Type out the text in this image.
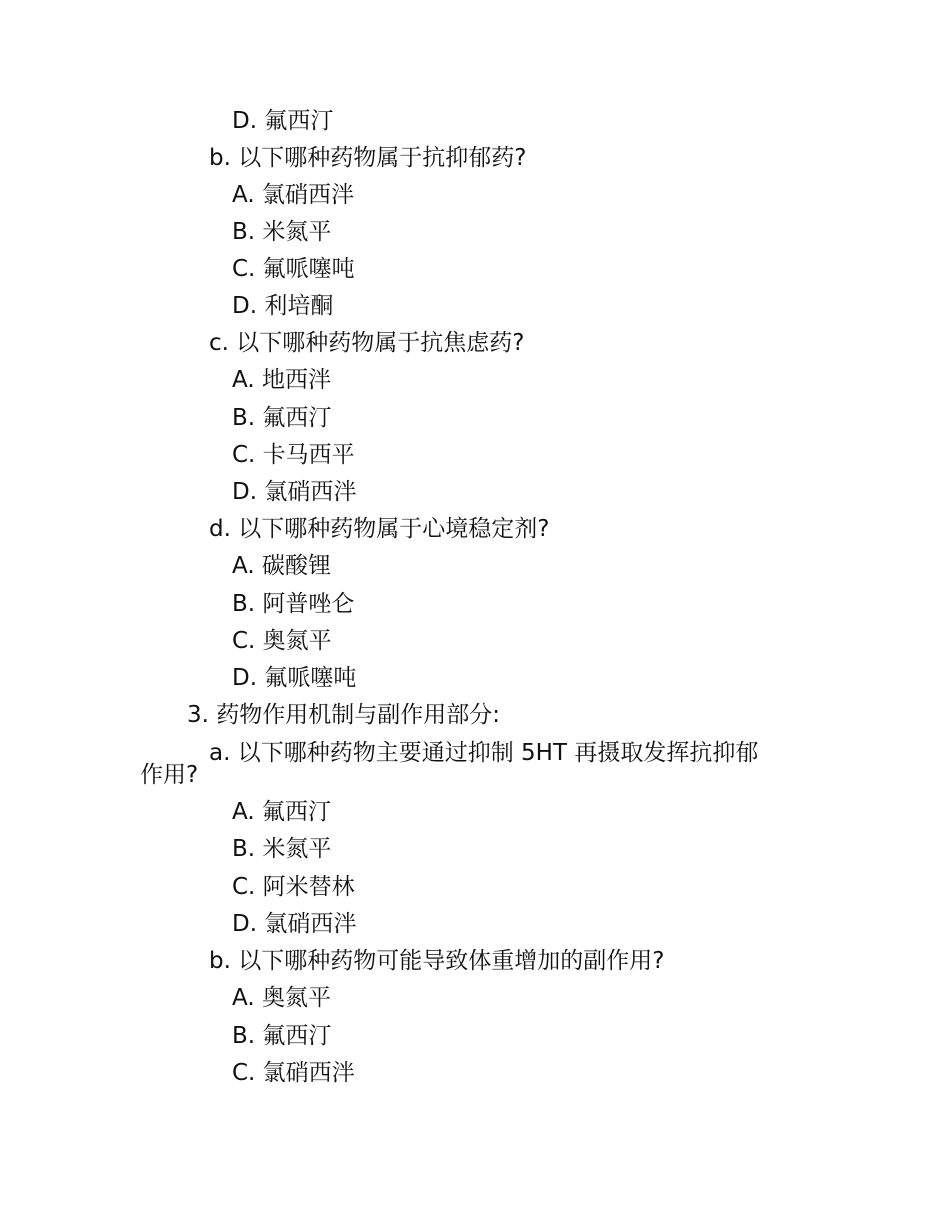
D. 氟西汀
b. 以下哪种药物属于抗抑郁药?
A. 氯硝西泮
B. 米氮平
C. 氟哌噻吨
D. 利培酮
c. 以下哪种药物属于抗焦虑药?
A. 地西泮
B. 氟西汀
C. 卡马西平
D. 氯硝西泮
d. 以下哪种药物属于心境稳定剂?
A. 碳酸锂
B. 阿普唑仑
C. 奥氮平
D. 氟哌噻吨
3. 药物作用机制与副作用部分:
a. 以下哪种药物主要通过抑制 5HT 再摄取发挥抗抑郁
作用?
A. 氟西汀
B. 米氮平
C. 阿米替林
D. 氯硝西泮
b. 以下哪种药物可能导致体重增加的副作用?
A. 奥氮平
B. 氟西汀
C. 氯硝西泮
